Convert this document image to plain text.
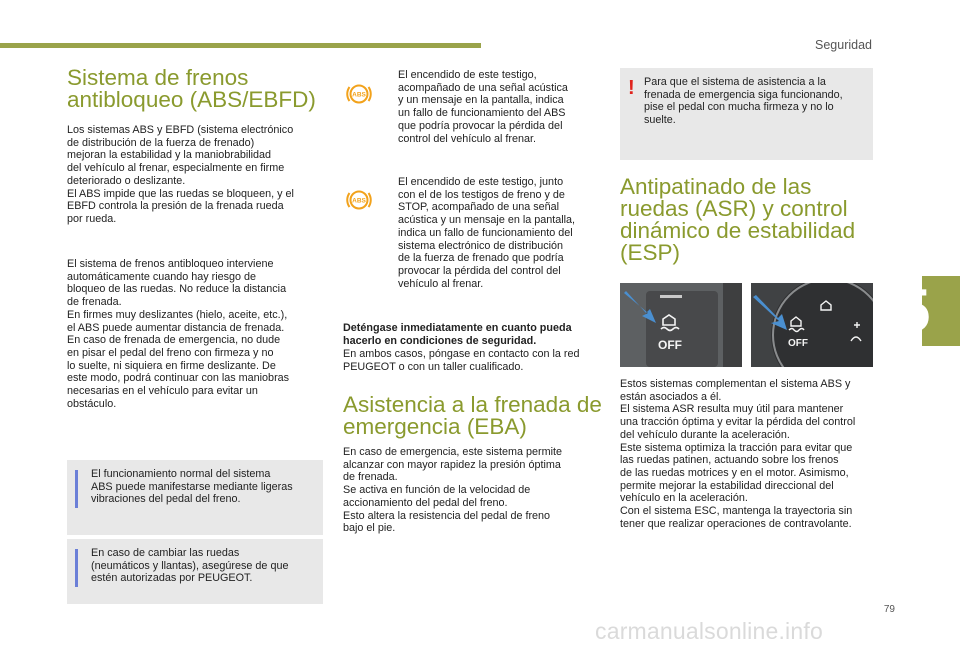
Seguridad
5
Sistema de frenos
antibloqueo (ABS/EBFD)

Los sistemas ABS y EBFD (sistema electrónico
de distribución de la fuerza de frenado)
mejoran la estabilidad y la maniobrabilidad
del vehículo al frenar, especialmente en firme
deteriorado o deslizante.
El ABS impide que las ruedas se bloqueen, y el
EBFD controla la presión de la frenada rueda
por rueda.

El sistema de frenos antibloqueo interviene
automáticamente cuando hay riesgo de
bloqueo de las ruedas. No reduce la distancia
de frenada.
En firmes muy deslizantes (hielo, aceite, etc.),
el ABS puede aumentar distancia de frenada.
En caso de frenada de emergencia, no dude
en pisar el pedal del freno con firmeza y no
lo suelte, ni siquiera en firme deslizante. De
este modo, podrá continuar con las maniobras
necesarias en el vehículo para evitar un
obstáculo.

El funcionamiento normal del sistema
ABS puede manifestarse mediante ligeras
vibraciones del pedal del freno.
En caso de cambiar las ruedas
(neumáticos y llantas), asegúrese de que
estén autorizadas por PEUGEOT.
ABS

El encendido de este testigo,
acompañado de una señal acústica
y un mensaje en la pantalla, indica
un fallo de funcionamiento del ABS
que podría provocar la pérdida del
control del vehículo al frenar.

ABS

El encendido de este testigo, junto
con el de los testigos de freno y de
STOP, acompañado de una señal
acústica y un mensaje en la pantalla,
indica un fallo de funcionamiento del
sistema electrónico de distribución
de la fuerza de frenado que podría
provocar la pérdida del control del
vehículo al frenar.

Deténgase inmediatamente en cuanto pueda
hacerlo en condiciones de seguridad.

En ambos casos, póngase en contacto con la red
PEUGEOT o con un taller cualificado.

Asistencia a la frenada de
emergencia (EBA)

En caso de emergencia, este sistema permite
alcanzar con mayor rapidez la presión óptima
de frenada.
Se activa en función de la velocidad de
accionamiento del pedal del freno.
Esto altera la resistencia del pedal de freno
bajo el pie.

! Para que el sistema de asistencia a la
frenada de emergencia siga funcionando,
pise el pedal con mucha firmeza y no lo
suelte.
Antipatinado de las
ruedas (ASR) y control
dinámico de estabilidad
(ESP)
OFF	OFF

Estos sistemas complementan el sistema ABS y
están asociados a él.
El sistema ASR resulta muy útil para mantener
una tracción óptima y evitar la pérdida del control
del vehículo durante la aceleración.
Este sistema optimiza la tracción para evitar que
las ruedas patinen, actuando sobre los frenos
de las ruedas motrices y en el motor. Asimismo,
permite mejorar la estabilidad direccional del
vehículo en la aceleración.
Con el sistema ESC, mantenga la trayectoria sin
tener que realizar operaciones de contravolante.

79
carmanualsonline.info
